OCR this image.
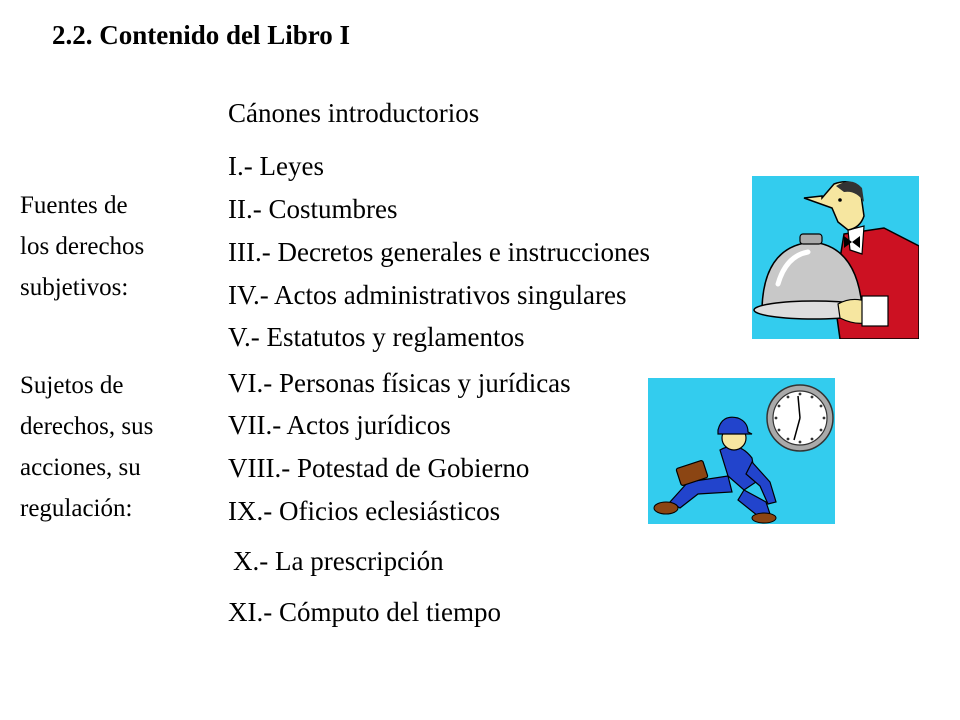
2.2. Contenido del Libro I
Cánones introductorios
Fuentes de
los derechos
subjetivos:
Sujetos de
derechos, sus
acciones, su
regulación:
I.- Leyes
II.- Costumbres
III.- Decretos generales e instrucciones
IV.- Actos administrativos singulares
V.- Estatutos y reglamentos
VI.- Personas físicas y jurídicas
VII.- Actos jurídicos
VIII.- Potestad de Gobierno
IX.- Oficios eclesiásticos
X.- La prescripción
XI.- Cómputo del tiempo
